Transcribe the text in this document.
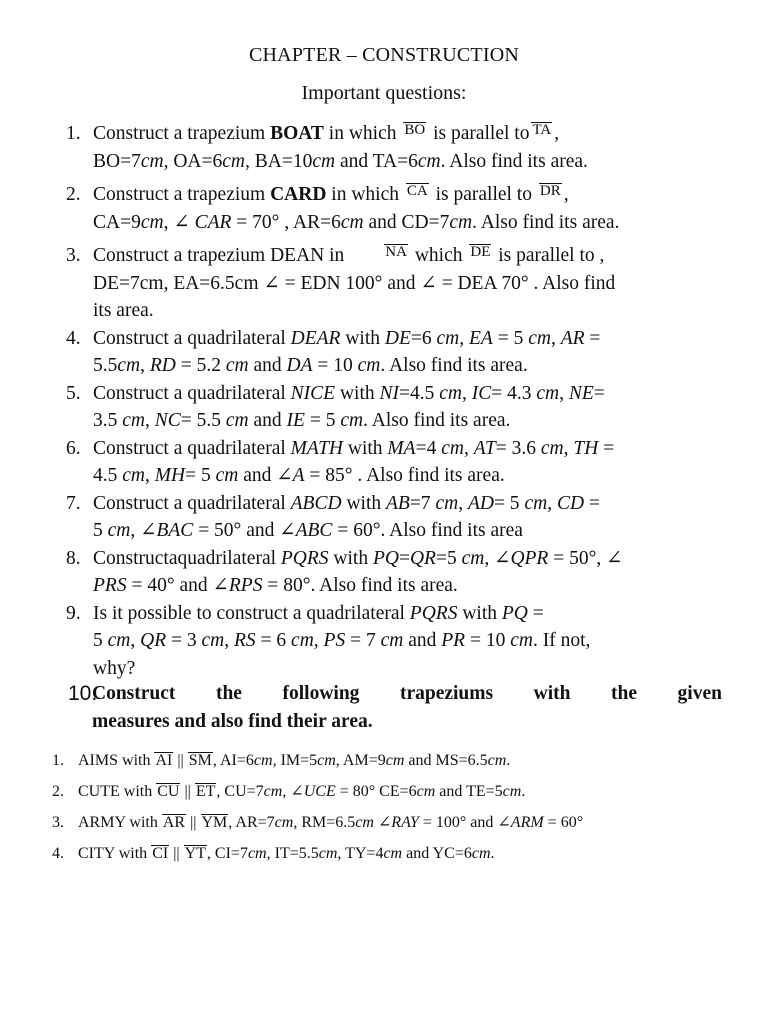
CHAPTER – CONSTRUCTION
Important questions:
1. Construct a trapezium BOAT in which BO is parallel to TA ,
BO=7cm, OA=6cm, BA=10cm and TA=6cm. Also find its area.
2. Construct a trapezium CARD in which CA is parallel to DR ,
CA=9cm, ∠ CAR = 70° , AR=6cm and CD=7cm. Also find its area.
3. Construct a trapezium DEAN in	NA which DE is parallel to ,
DE=7cm, EA=6.5cm ∠ = EDN 100° and ∠ = DEA 70° . Also find
its area.
4. Construct a quadrilateral DEAR with DE=6 cm, EA = 5 cm, AR =
5.5cm, RD = 5.2 cm and DA = 10 cm. Also find its area.
5. Construct a quadrilateral NICE with NI=4.5 cm, IC= 4.3 cm, NE=
3.5 cm, NC= 5.5 cm and IE = 5 cm. Also find its area.
6. Construct a quadrilateral MATH with MA=4 cm, AT= 3.6 cm, TH =
4.5 cm, MH= 5 cm and ∠A = 85° . Also find its area.
7. Construct a quadrilateral ABCD with AB=7 cm, AD= 5 cm, CD =
5 cm, ∠BAC = 50° and ∠ABC = 60°. Also find its area
8. Constructaquadrilateral PQRS with PQ=QR=5 cm, ∠QPR = 50°, ∠
PRS = 40° and ∠RPS = 80°. Also find its area.
9. Is it possible to construct a quadrilateral PQRS with PQ =
5 cm, QR = 3 cm, RS = 6 cm, PS = 7 cm and PR = 10 cm. If not,
why?
10.
Construct the following trapeziums with the given
measures and also find their area.
1. AIMS with AI || SM, AI=6cm, IM=5cm, AM=9cm and MS=6.5cm.
2. CUTE with CU || ET, CU=7cm, ∠UCE = 80° CE=6cm and TE=5cm.
3. ARMY with AR || YM, AR=7cm, RM=6.5cm ∠RAY = 100° and ∠ARM = 60°
4. CITY with CI || YT, CI=7cm, IT=5.5cm, TY=4cm and YC=6cm.
